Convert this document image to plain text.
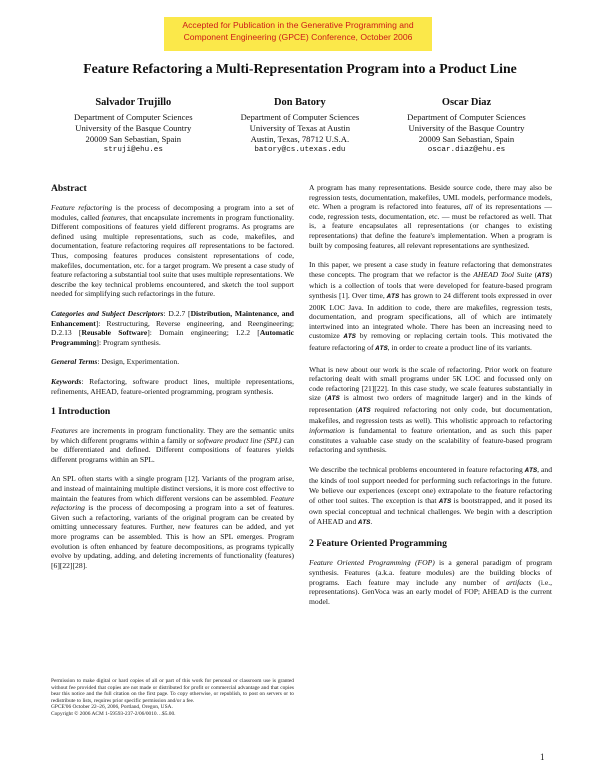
Accepted for Publication in the Generative Programming and
Component Engineering (GPCE) Conference, October 2006
Feature Refactoring a Multi-Representation Program into a Product Line
Salvador Trujillo
Department of Computer Sciences
University of the Basque Country
20009 San Sebastian, Spain
struji@ehu.es
Don Batory
Department of Computer Sciences
University of Texas at Austin
Austin, Texas, 78712 U.S.A.
batory@cs.utexas.edu
Oscar Diaz
Department of Computer Sciences
University of the Basque Country
20009 San Sebastian, Spain
oscar.diaz@ehu.es
Abstract

Feature refactoring is the process of decomposing a program into a set of modules, called features, that encapsulate increments in program functionality. Different compositions of features yield different programs. As programs are defined using multiple representations, such as code, makefiles, and documentation, feature refactoring requires all representations to be factored. Thus, composing features produces consistent representations of code, makefiles, documentation, etc. for a target program. We present a case study of feature refactoring a substantial tool suite that uses multiple representations. We describe the key technical problems encountered, and sketch the tool support needed for simplifying such refactorings in the future.

Categories and Subject Descriptors: D.2.7 [Distribution, Maintenance, and Enhancement]: Restructuring, Reverse engineering, and Reengineering; D.2.13 [Reusable Software]: Domain engineering; I.2.2 [Automatic Programming]: Program synthesis.

General Terms: Design, Experimentation.

Keywords: Refactoring, software product lines, multiple representations, refinements, AHEAD, feature-oriented programming, program synthesis.

1 Introduction

Features are increments in program functionality. They are the semantic units by which different programs within a family or software product line (SPL) can be differentiated and defined. Different compositions of features yields different programs within an SPL.

An SPL often starts with a single program [12]. Variants of the program arise, and instead of maintaining multiple distinct versions, it is more cost effective to maintain the features from which different versions can be assembled. Feature refactoring is the process of decomposing a program into a set of features. Given such a refactoring, variants of the original program can be created by omitting unnecessary features. Further, new features can be added, and yet more programs can be assembled. This is how an SPL emerges. Program evolution is often enhanced by feature decompositions, as programs typically evolve by updating, adding, and deleting increments of functionality (features) [6][22][28].

Permission to make digital or hard copies of all or part of this work for personal or classroom use is granted without fee provided that copies are not made or distributed for profit or commercial advantage and that copies bear this notice and the full citation on the first page. To copy otherwise, or republish, to post on servers or to redistribute to lists, requires prior specific permission and/or a fee.
GPCE'06 October 22–26, 2006, Portland, Oregon, USA.
Copyright © 2006 ACM 1-59593-237-2/06/0010…$5.00.

A program has many representations. Beside source code, there may also be regression tests, documentation, makefiles, UML models, performance models, etc. When a program is refactored into features, all of its representations — code, regression tests, documentation, etc. — must be refactored as well. That is, a feature encapsulates all representations (or changes to existing representations) that define the feature's implementation. When a program is built by composing features, all relevant representations are synthesized.

In this paper, we present a case study in feature refactoring that demonstrates these concepts. The program that we refactor is the AHEAD Tool Suite (ATS) which is a collection of tools that were developed for feature-based program synthesis [1]. Over time, ATS has grown to 24 different tools expressed in over 200K LOC Java. In addition to code, there are makefiles, regression tests, documentation, and program specifications, all of which are intimately intertwined into an integrated whole. There has been an increasing need to customize ATS by removing or replacing certain tools. This motivated the feature refactoring of ATS, in order to create a product line of its variants.

What is new about our work is the scale of refactoring. Prior work on feature refactoring dealt with small programs under 5K LOC and focussed only on code refactoring [21][22]. In this case study, we scale features substantially in size (ATS is almost two orders of magnitude larger) and in the kinds of representation (ATS required refactoring not only code, but documentation, makefiles, and regression tests as well). This wholistic approach to refactoring information is fundamental to feature orientation, and as such this paper constitutes a valuable case study on the scalability of feature-based program refactoring and synthesis.

We describe the technical problems encountered in feature refactoring ATS, and the kinds of tool support needed for performing such refactorings in the future. We believe our experiences (except one) extrapolate to the feature refactoring of other tool suites. The exception is that ATS is bootstrapped, and it posed its own special conceptual and technical challenges. We begin with a description of AHEAD and ATS.

2 Feature Oriented Programming

Feature Oriented Programming (FOP) is a general paradigm of program synthesis. Features (a.k.a. feature modules) are the building blocks of programs. Each feature may include any number of artifacts (i.e., representations). GenVoca was an early model of FOP; AHEAD is the current model.

1
